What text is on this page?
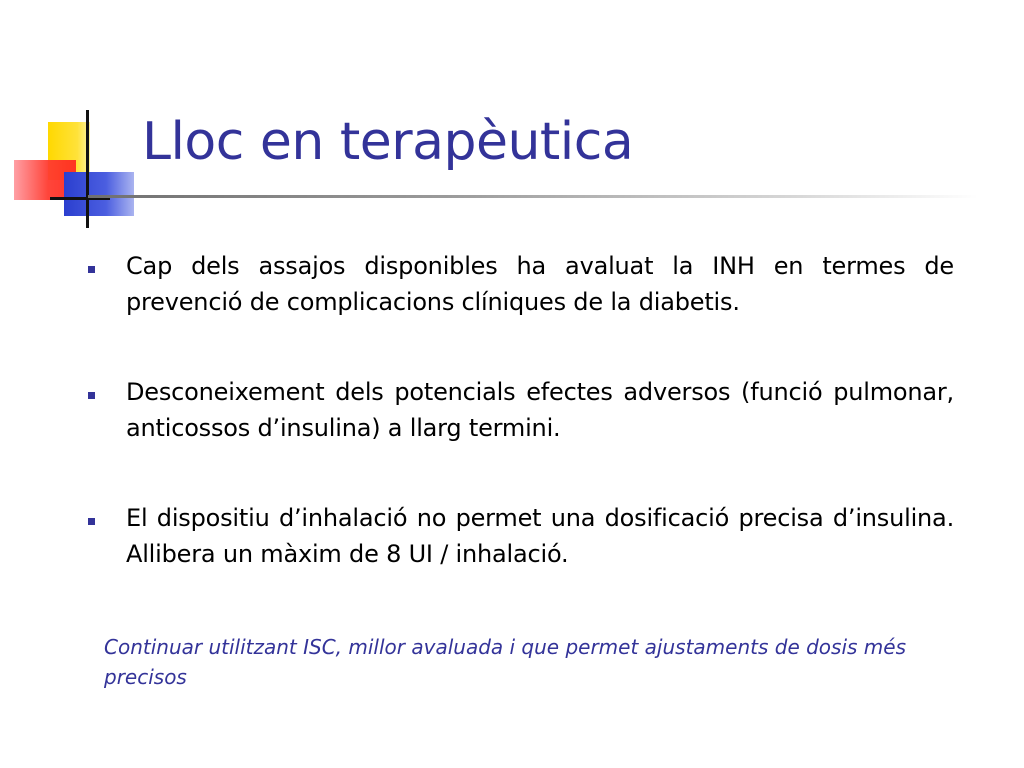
Lloc en terapèutica
Cap dels assajos disponibles ha avaluat la INH en termes de prevenció de complicacions clíniques de la diabetis.
Desconeixement dels potencials efectes adversos (funció pulmonar, anticossos d’insulina) a llarg termini.
El dispositiu d’inhalació no permet una dosificació precisa d’insulina. Allibera un màxim de 8 UI / inhalació.
Continuar utilitzant ISC, millor avaluada i que permet ajustaments de dosis més precisos
